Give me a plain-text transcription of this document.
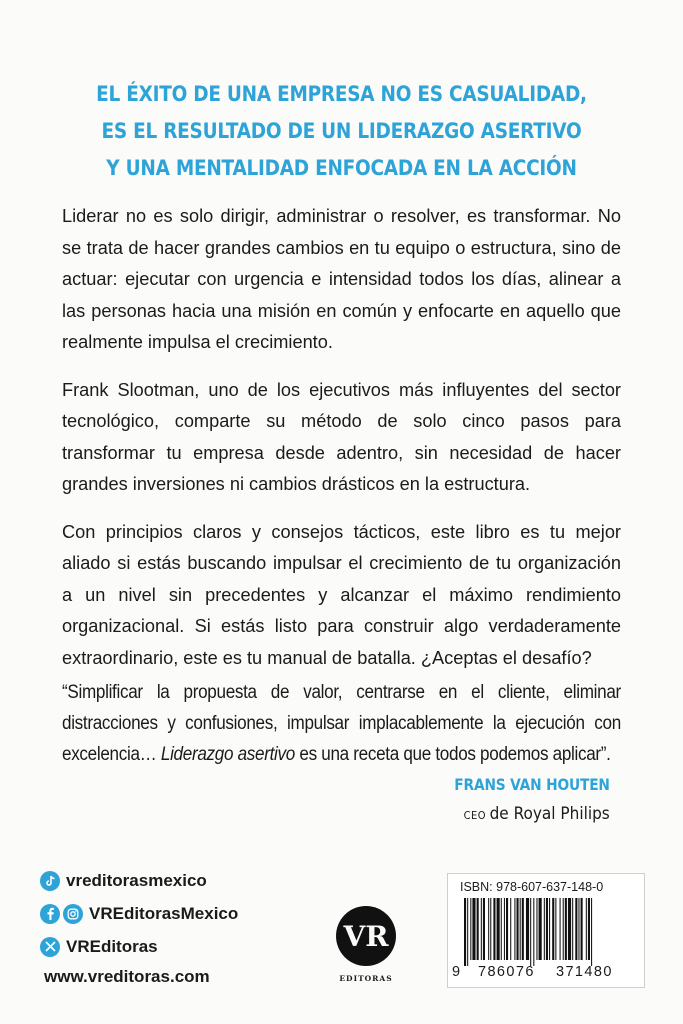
EL ÉXITO DE UNA EMPRESA NO ES CASUALIDAD,
ES EL RESULTADO DE UN LIDERAZGO ASERTIVO
Y UNA MENTALIDAD ENFOCADA EN LA ACCIÓN

Liderar no es solo dirigir, administrar o resolver, es transformar. No se trata de hacer grandes cambios en tu equipo o estructura, sino de actuar: ejecutar con urgencia e intensidad todos los días, alinear a las personas hacia una misión en común y enfocarte en aquello que realmente impulsa el crecimiento.

Frank Slootman, uno de los ejecutivos más influyentes del sector tecnológico, comparte su método de solo cinco pasos para transformar tu empresa desde adentro, sin necesidad de hacer grandes inversiones ni cambios drásticos en la estructura.

Con principios claros y consejos tácticos, este libro es tu mejor aliado si estás buscando impulsar el crecimiento de tu organización a un nivel sin precedentes y alcanzar el máximo rendimiento organizacional. Si estás listo para construir algo verdaderamente extraordinario, este es tu manual de batalla. ¿Aceptas el desafío?

“Simplificar la propuesta de valor, centrarse en el cliente, eliminar distracciones y confusiones, impulsar implacablemente la ejecución con excelencia… Liderazgo asertivo es una receta que todos podemos aplicar”.
FRANS VAN HOUTEN
CEO de Royal Philips
vreditorasmexico
VREditorasMexico
VREditoras
www.vreditoras.com
VR
EDITORAS
ISBN: 978-607-637-148-0
9 786076 371480
